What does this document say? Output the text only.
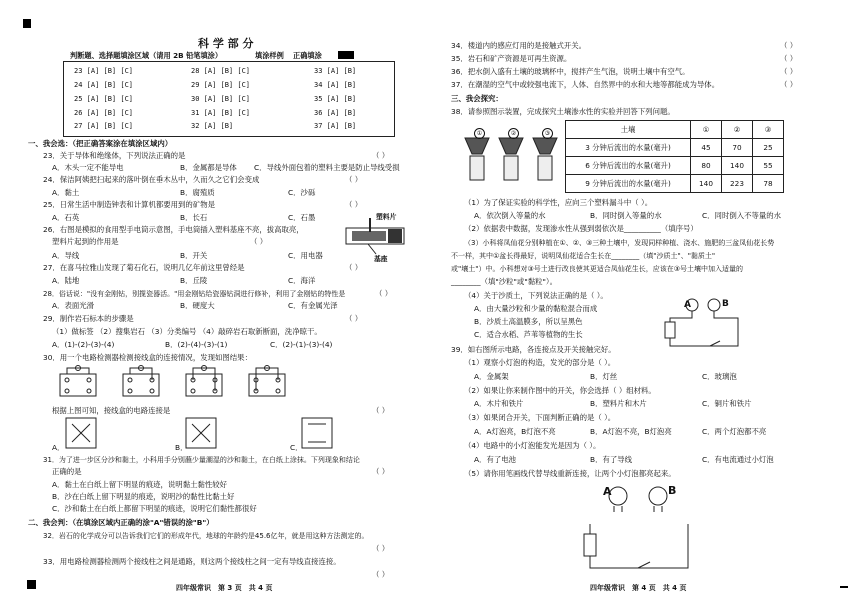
科 学 部 分
判断题、选择题填涂区域（请用 2B 铅笔填涂）	填涂样例 正确填涂
23 [A] [B] [C]	28 [A] [B] [C]	33 [A] [B]
24 [A] [B] [C]	29 [A] [B] [C]	34 [A] [B]
25 [A] [B] [C]	30 [A] [B] [C]	35 [A] [B]
26 [A] [B] [C]	31 [A] [B] [C]	36 [A] [B]
27 [A] [B] [C]	32 [A] [B]	37 [A] [B]
一、我会选：（把正确答案涂在填涂区域内）
23．关于导体和绝缘体，下列说法正确的是	（ ）
A．木头一定不能导电	B．金属都是导体 C．导线外面包着的塑料主要是防止导线受损
24．保洁阿姨把扫起来的落叶倒在垂木丛中，久而久之它们会变成	（ ）
A．黏土	B．腐殖质	C．沙砾
25．日常生活中制造钟表和计算机都要用到的矿物是	（ ）
A．石英	B．长石	C．石墨
26．右图是模拟的食用型手电筒示意图，手电筒插入塑料基座不亮，拔高取亮，
塑料片起到的作用是	（ ）
A．导线	B．开关	C．用电器
塑料片
基座
27．在喜马拉雅山发现了菊石化石，说明几亿年前这里曾经是	（ ）
A．陆地	B．丘陵	C．海洋
28．俗话说："没有金刚钻，别揽瓷器活。"用金刚钻给瓷器钻洞进行修补，利用了金刚钻的特性是	（ ）
A．表面光滑	B．硬度大	C．有金属光泽
29．制作岩石标本的步骤是	（ ）
（1）做标签 （2）搜集岩石 （3）分类编号 （4）敲碎岩石取新断面，洗净晾干。
A．(1)-(2)-(3)-(4)	B．(2)-(4)-(3)-(1)	C．(2)-(1)-(3)-(4)
30．用一个电路检测器检测接线盒的连接情况，发现如图结果：
根据上图可知，接线盒的电路连接是	（ ）
A．	B．	C．
31．为了进一步区分沙和黏土，小科用手分别蘸少量潮湿的沙和黏土，在白纸上涂抹。下列现象和结论
正确的是	（ ）
A．黏土在白纸上留下明显的痕迹，说明黏土黏性较好
B．沙在白纸上留下明显的痕迹，说明沙的黏性比黏土好
C．沙和黏土在白纸上都留下明显的痕迹，说明它们黏性都很好
二、我会判：（在填涂区域内正确的涂"A"错误的涂"B"）
32．岩石的化学成分可以告诉我们它们的形成年代，地球的年龄约是45.6亿年，就是用这种方法测定的。
（ ）
33．用电路检测器检测两个接线柱之间是通路，则这两个接线柱之间一定有导线直接连接。
（ ）
四年级常识　第 3 页　共 4 页
34．楼道内的感应灯用的是接触式开关。	（ ）
35．岩石和矿产资源是可再生资源。	（ ）
36．把水倒入盛有土壤的玻璃杯中，搅拌产生气泡，说明土壤中有空气。	（ ）
37．在潮湿的空气中或较强电流下，人体、自然界中的水和大地等都能成为导体。	（ ）
三、我会探究：
38．请参照图示装置，完成探究土壤渗水性的实验并回答下列问题。
①	②	③	土壤	①	②	③
3 分钟后流出的水量(毫升)	45	70	25
6 分钟后流出的水量(毫升)	80	140	55
9 分钟后流出的水量(毫升)	140	223	78
（1）为了保证实验的科学性，应向三个塑料漏斗中（ ）。
A．依次倒入等量的水	B．同时倒入等量的水	C．同时倒入不等量的水
（2）依据表中数据，发现渗水性从强到弱依次是__________（填序号）
（3）小科将凤仙花分别种植在①、②、③三种土壤中，发现同样种植、浇水、施肥的三盆凤仙花长势
不一样，其中①盆长得最好，说明凤仙花适合生长在________（填"沙质土"、"黏质土"
或"壤土"）中。小科想对③号土进行改良使其更适合凤仙花生长，应该在③号土壤中加入适量的
________（填"沙粒"或"黏粒"）。
（4）关于沙质土，下列说法正确的是（ ）。
A．由大量沙粒和少量的黏粒混合而成
B．沙质土高温膜多，所以呈黑色
C．适合水稻、芦苇等植物的生长
A	B
39．如右图所示电路，各连接点及开关接触完好。
（1）观察小灯泡的构造，发光的部分是（ ）。
A．金属架	B．灯丝	C．玻璃泡
（2）如果让你来制作图中的开关，你会选择（ ）组材料。
A．木片和铁片	B．塑料片和木片	C．铜片和铁片
（3）如果闭合开关，下面判断正确的是（ ）。
A．A灯泡亮，B灯泡不亮	B．A灯泡不亮，B灯泡亮	C．两个灯泡都不亮
（4）电路中的小灯泡能发光是因为（ ）。
A．有了电池	B．有了导线	C．有电流通过小灯泡
（5）请你用笔画线代替导线重新连接，让两个小灯泡都亮起来。
A	B
四年级常识　第 4 页　共 4 页
